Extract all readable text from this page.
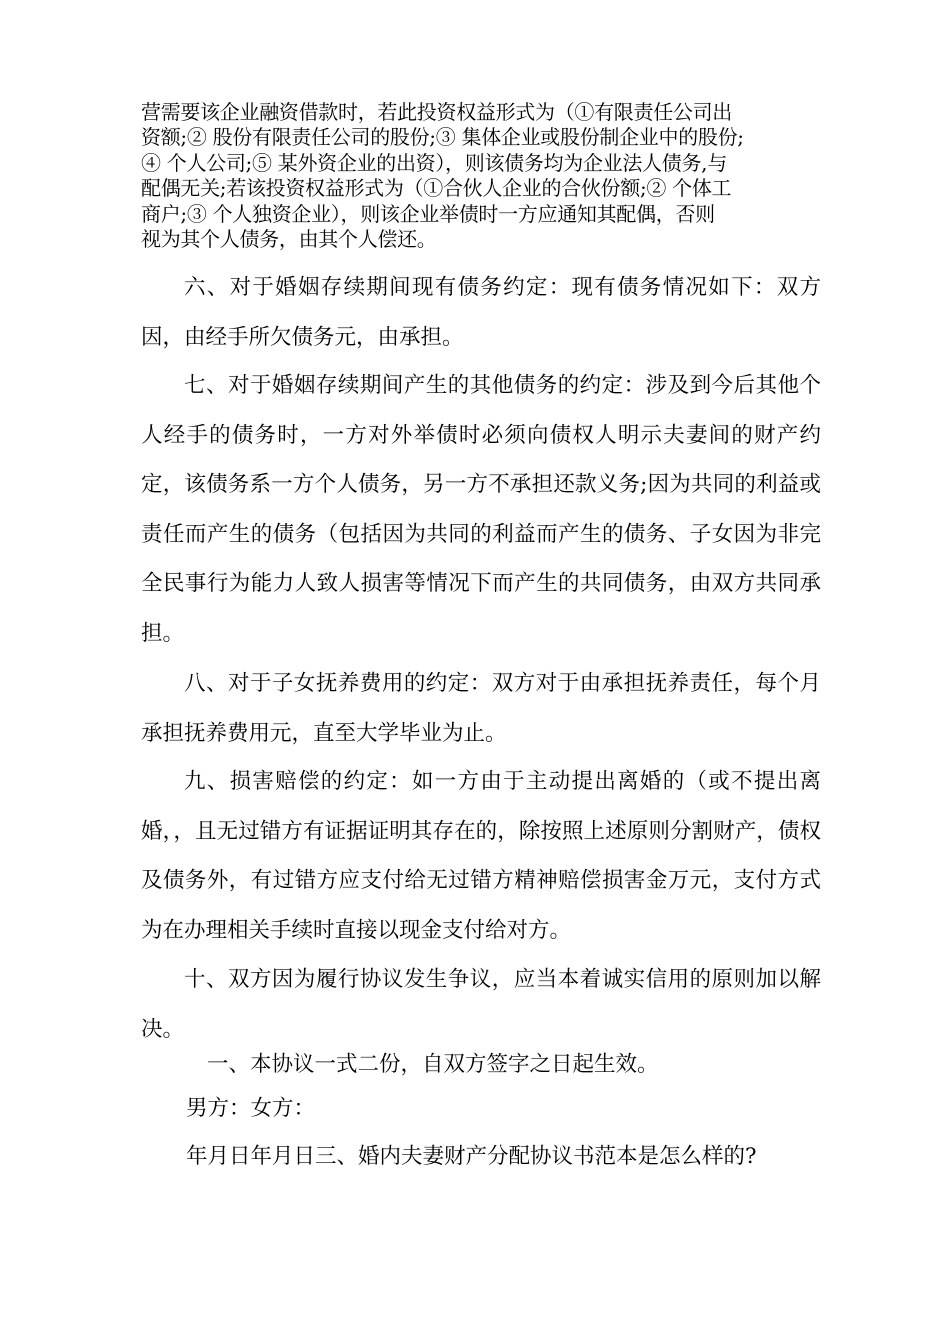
营需要该企业融资借款时，若此投资权益形式为（①有限责任公司出
资额;② 股份有限责任公司的股份;③ 集体企业或股份制企业中的股份;
④ 个人公司;⑤ 某外资企业的出资），则该债务均为企业法人债务,与
配偶无关;若该投资权益形式为（①合伙人企业的合伙份额;② 个体工
商户;③ 个人独资企业），则该企业举债时一方应通知其配偶，否则
视为其个人债务，由其个人偿还。

六、对于婚姻存续期间现有债务约定：现有债务情况如下：双方因，由经手所欠债务元，由承担。

七、对于婚姻存续期间产生的其他债务的约定：涉及到今后其他个人经手的债务时，一方对外举债时必须向债权人明示夫妻间的财产约定，该债务系一方个人债务，另一方不承担还款义务;因为共同的利益或责任而产生的债务（包括因为共同的利益而产生的债务、子女因为非完全民事行为能力人致人损害等情况下而产生的共同债务，由双方共同承担。

八、对于子女抚养费用的约定：双方对于由承担抚养责任，每个月承担抚养费用元，直至大学毕业为止。

九、损害赔偿的约定：如一方由于主动提出离婚的（或不提出离婚，，且无过错方有证据证明其存在的，除按照上述原则分割财产，债权及债务外，有过错方应支付给无过错方精神赔偿损害金万元，支付方式为在办理相关手续时直接以现金支付给对方。

十、双方因为履行协议发生争议，应当本着诚实信用的原则加以解决。

一、本协议一式二份，自双方签字之日起生效。

男方：女方：

年月日年月日三、婚内夫妻财产分配协议书范本是怎么样的?
